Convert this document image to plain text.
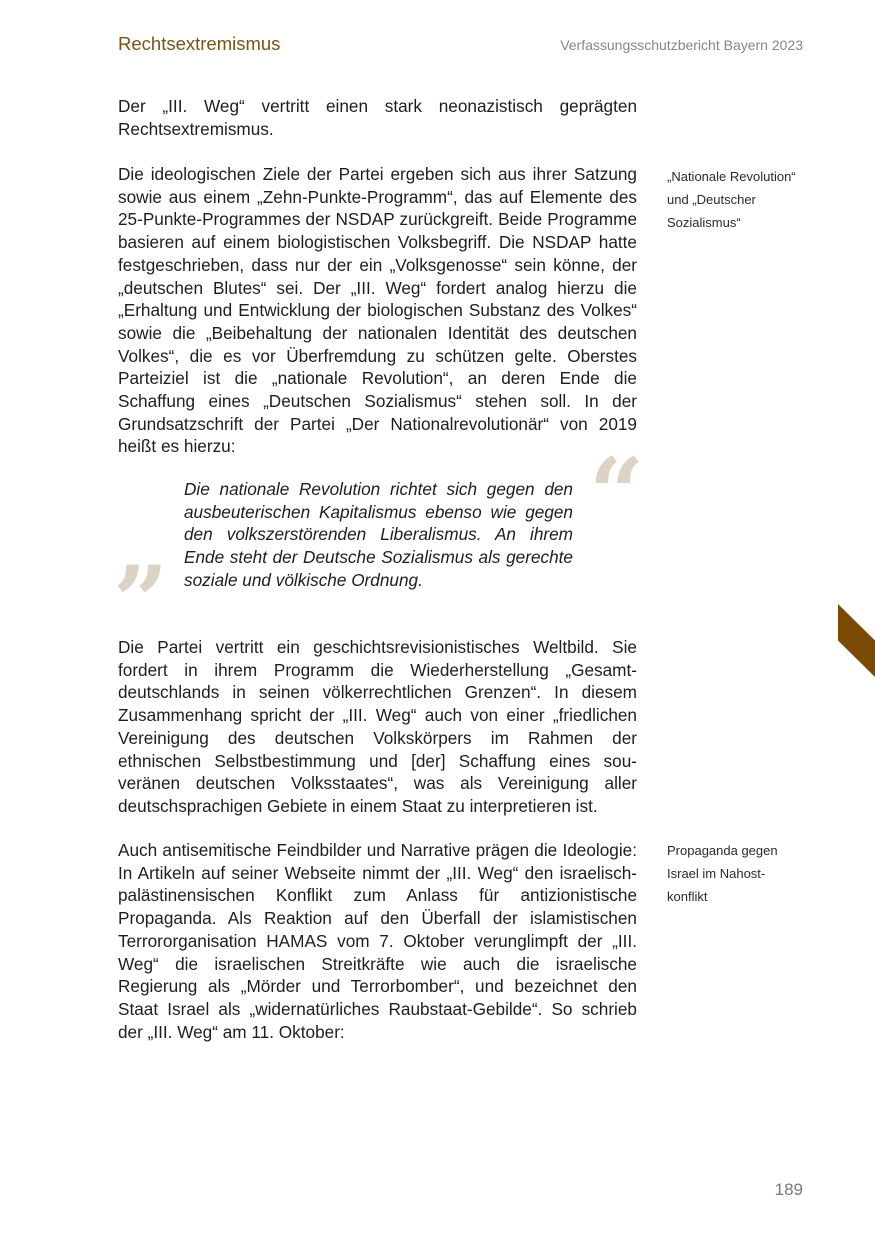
Rechtsextremismus	Verfassungsschutzbericht Bayern 2023

Der „III. Weg“ vertritt einen stark neonazistisch geprägten Rechtsextremismus.

Die ideologischen Ziele der Partei ergeben sich aus ihrer Satzung sowie aus einem „Zehn-Punkte-Programm“, das auf Elemente des 25-Punkte-Programmes der NSDAP zurückgreift. Beide Programme basieren auf einem biologistischen Volksbegriff. Die NSDAP hatte festgeschrieben, dass nur der ein „Volksgenosse“ sein könne, der „deutschen Blutes“ sei. Der „III. Weg“ fordert analog hierzu die „Erhaltung und Entwicklung der biologischen Substanz des Volkes“ sowie die „Beibehaltung der nationalen Identität des deutschen Volkes“, die es vor Überfremdung zu schützen gelte. Oberstes Parteiziel ist die „nationale Revolution“, an deren Ende die Schaffung eines „Deutschen Sozialismus“ stehen soll. In der Grundsatzschrift der Partei „Der Nationalrevolutionär“ von 2019 heißt es hierzu:	“

Die nationale Revolution richtet sich gegen den ausbeuterischen Kapitalismus ebenso wie gegen den volkszerstörenden Liberalismus. An ihrem Ende steht der Deutsche Sozialismus als gerechte soziale und völkische Ordnung.

”

Die Partei vertritt ein geschichtsrevisionistisches Weltbild. Sie fordert in ihrem Programm die Wiederherstellung „Gesamtdeutschlands in seinen völkerrechtlichen Grenzen“. In diesem Zusammenhang spricht der „III. Weg“ auch von einer „friedlichen Vereinigung des deutschen Volkskörpers im Rahmen der ethnischen Selbstbestimmung und [der] Schaffung eines souveränen deutschen Volksstaates“, was als Vereinigung aller deutschsprachigen Gebiete in einem Staat zu interpretieren ist.

Auch antisemitische Feindbilder und Narrative prägen die Ideologie: In Artikeln auf seiner Webseite nimmt der „III. Weg“ den israelisch-palästinensischen Konflikt zum Anlass für antizionistische Propaganda. Als Reaktion auf den Überfall der islamistischen Terrororganisation HAMAS vom 7. Oktober verunglimpft der „III. Weg“ die israelischen Streitkräfte wie auch die israelische Regierung als „Mörder und Terrorbomber“, und bezeichnet den Staat Israel als „widernatürliches Raubstaat-Gebilde“. So schrieb der „III. Weg“ am 11. Oktober:

„Nationale Revolution“ und „Deutscher Sozialismus“

Propaganda gegen Israel im Nahostkonflikt

189
